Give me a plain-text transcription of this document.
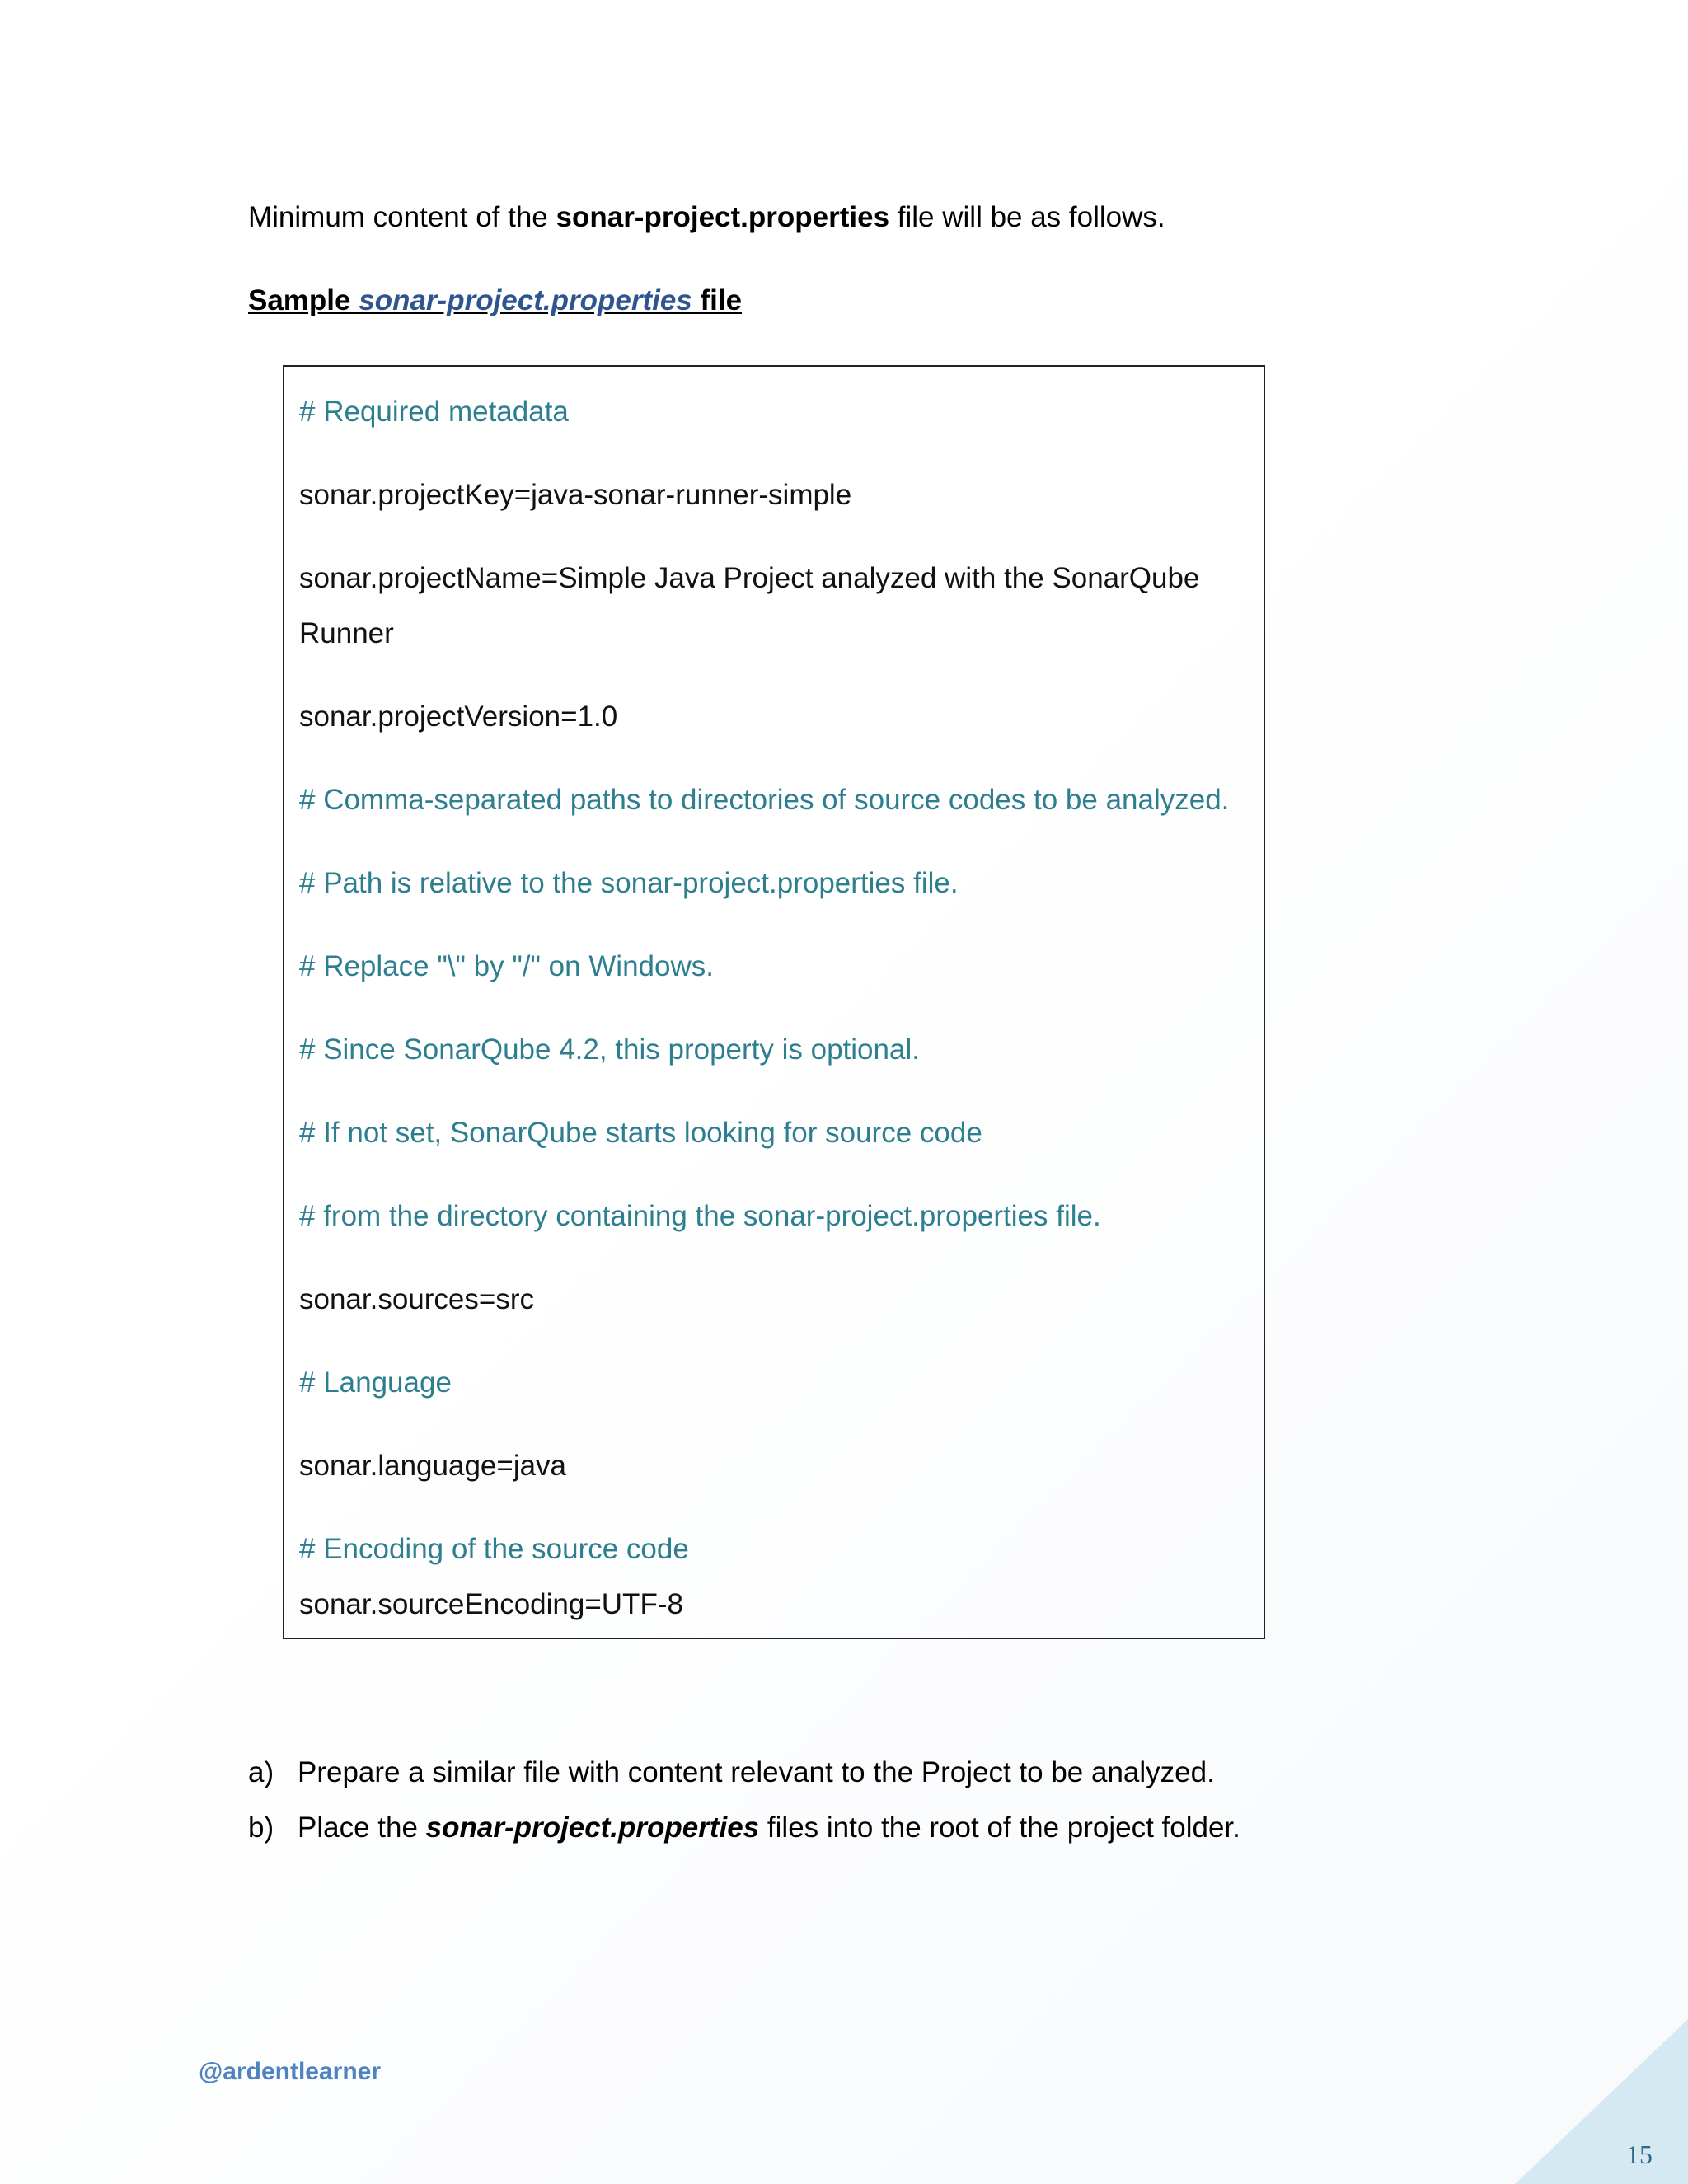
Minimum content of the sonar-project.properties file will be as follows.
Sample sonar-project.properties file
# Required metadata
sonar.projectKey=java-sonar-runner-simple
sonar.projectName=Simple Java Project analyzed with the SonarQube
Runner
sonar.projectVersion=1.0
# Comma-separated paths to directories of source codes to be analyzed.
# Path is relative to the sonar-project.properties file.
# Replace "\" by "/" on Windows.
# Since SonarQube 4.2, this property is optional.
# If not set, SonarQube starts looking for source code
# from the directory containing the sonar-project.properties file.
sonar.sources=src
# Language
sonar.language=java
# Encoding of the source code
sonar.sourceEncoding=UTF-8
a) Prepare a similar file with content relevant to the Project to be analyzed.
b) Place the sonar-project.properties files into the root of the project folder.
@ardentlearner
15
